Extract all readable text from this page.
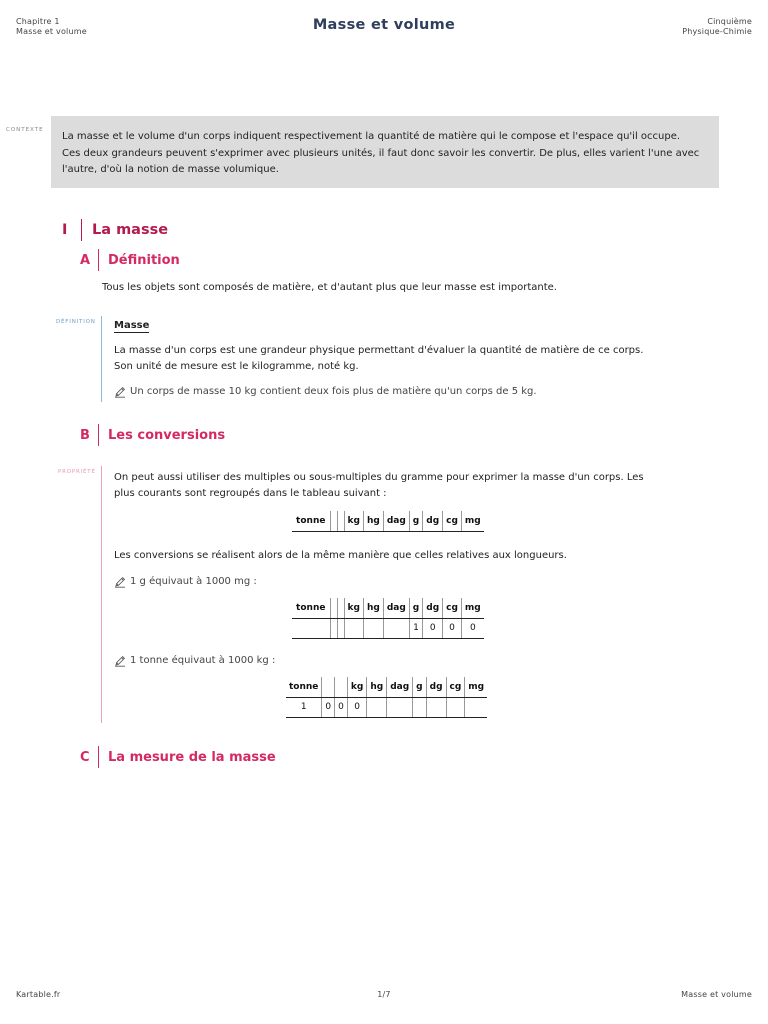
Chapitre 1
Masse et volume	Masse et volume	Cinquième
Physique-Chimie
CONTEXTE
La masse et le volume d'un corps indiquent respectivement la quantité de matière qui le compose et l'espace qu'il occupe.
Ces deux grandeurs peuvent s'exprimer avec plusieurs unités, il faut donc savoir les convertir. De plus, elles varient l'une avec
l'autre, d'où la notion de masse volumique.
I	La masse
A	Définition
Tous les objets sont composés de matière, et d'autant plus que leur masse est importante.
DÉFINITION Masse
La masse d'un corps est une grandeur physique permettant d'évaluer la quantité de matière de ce corps.
Son unité de mesure est le kilogramme, noté kg.
Un corps de masse 10 kg contient deux fois plus de matière qu'un corps de 5 kg.
B	Les conversions
PROPRIÉTÉ On peut aussi utiliser des multiples ou sous-multiples du gramme pour exprimer la masse d'un corps. Les
plus courants sont regroupés dans le tableau suivant :
tonne			kg	hg	dag	g	dg	cg	mg
Les conversions se réalisent alors de la même manière que celles relatives aux longueurs.
1 g équivaut à 1000 mg :
tonne			kg	hg	dag	g	dg	cg	mg
						1	0	0	0
1 tonne équivaut à 1000 kg :
tonne			kg	hg	dag	g	dg	cg	mg
1	0	0	0						
C	La mesure de la masse
Kartable.fr	1/7	Masse et volume
